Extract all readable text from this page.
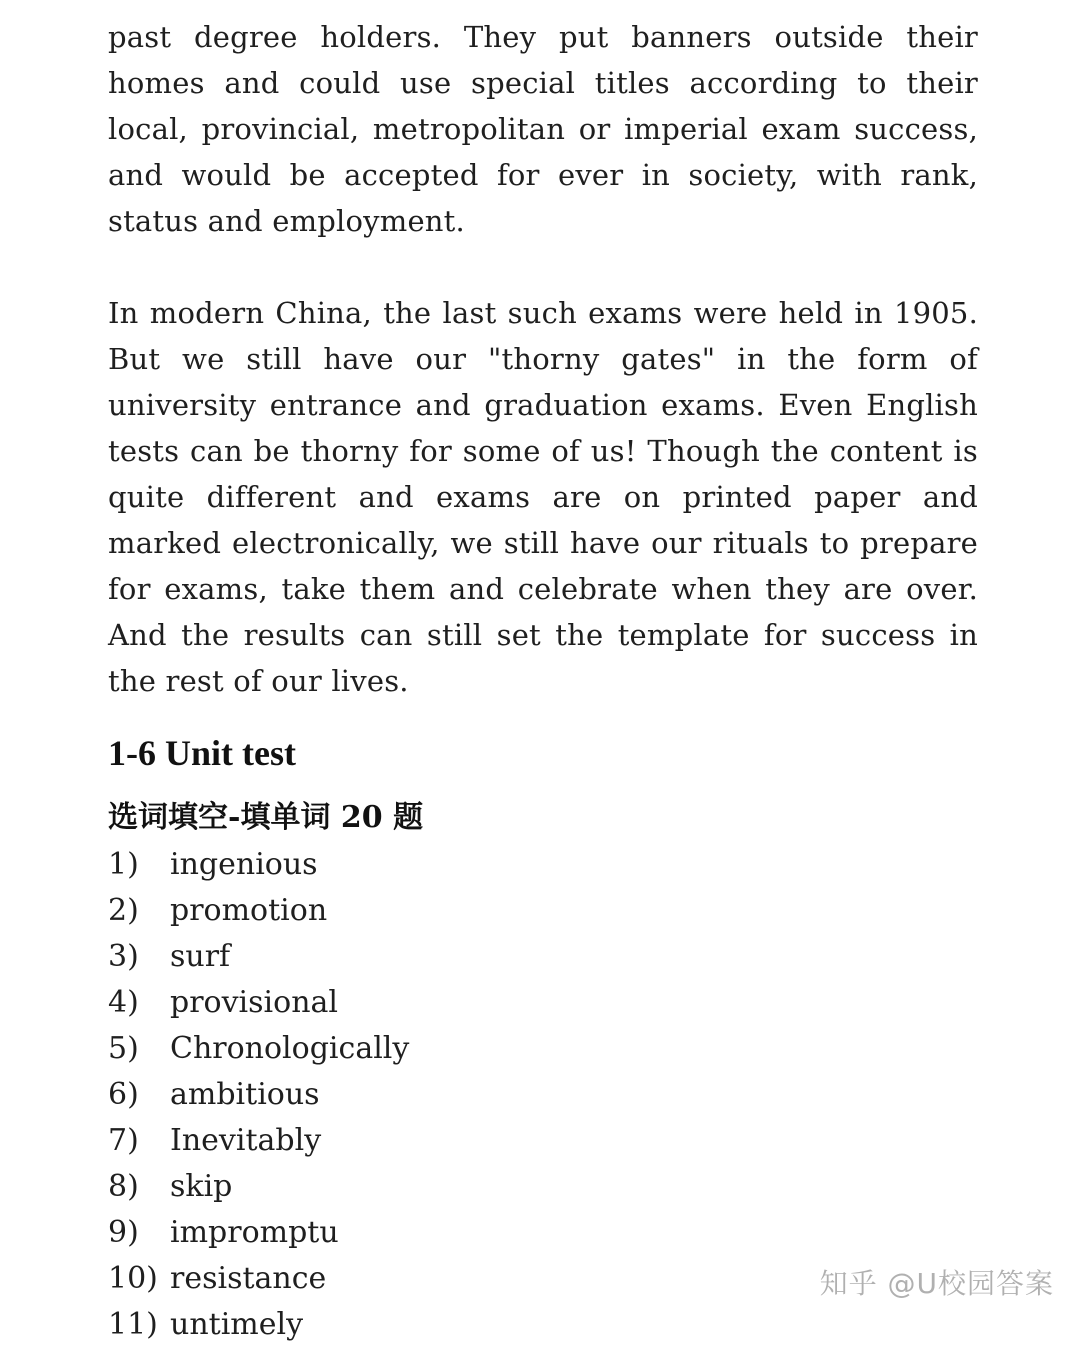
past degree holders. They put banners outside their homes and could use special titles according to their local, provincial, metropolitan or imperial exam success, and would be accepted for ever in society, with rank, status and employment.

In modern China, the last such exams were held in 1905. But we still have our "thorny gates" in the form of university entrance and graduation exams. Even English tests can be thorny for some of us! Though the content is quite different and exams are on printed paper and marked electronically, we still have our rituals to prepare for exams, take them and celebrate when they are over. And the results can still set the template for success in the rest of our lives.

1-6 Unit test
选词填空-填单词 20 题
1)	ingenious
2)	promotion
3)	surf
4)	provisional
5)	Chronologically
6)	ambitious
7)	Inevitably
8)	skip
9)	impromptu
10) resistance
11) untimely
知乎 @U校园答案
